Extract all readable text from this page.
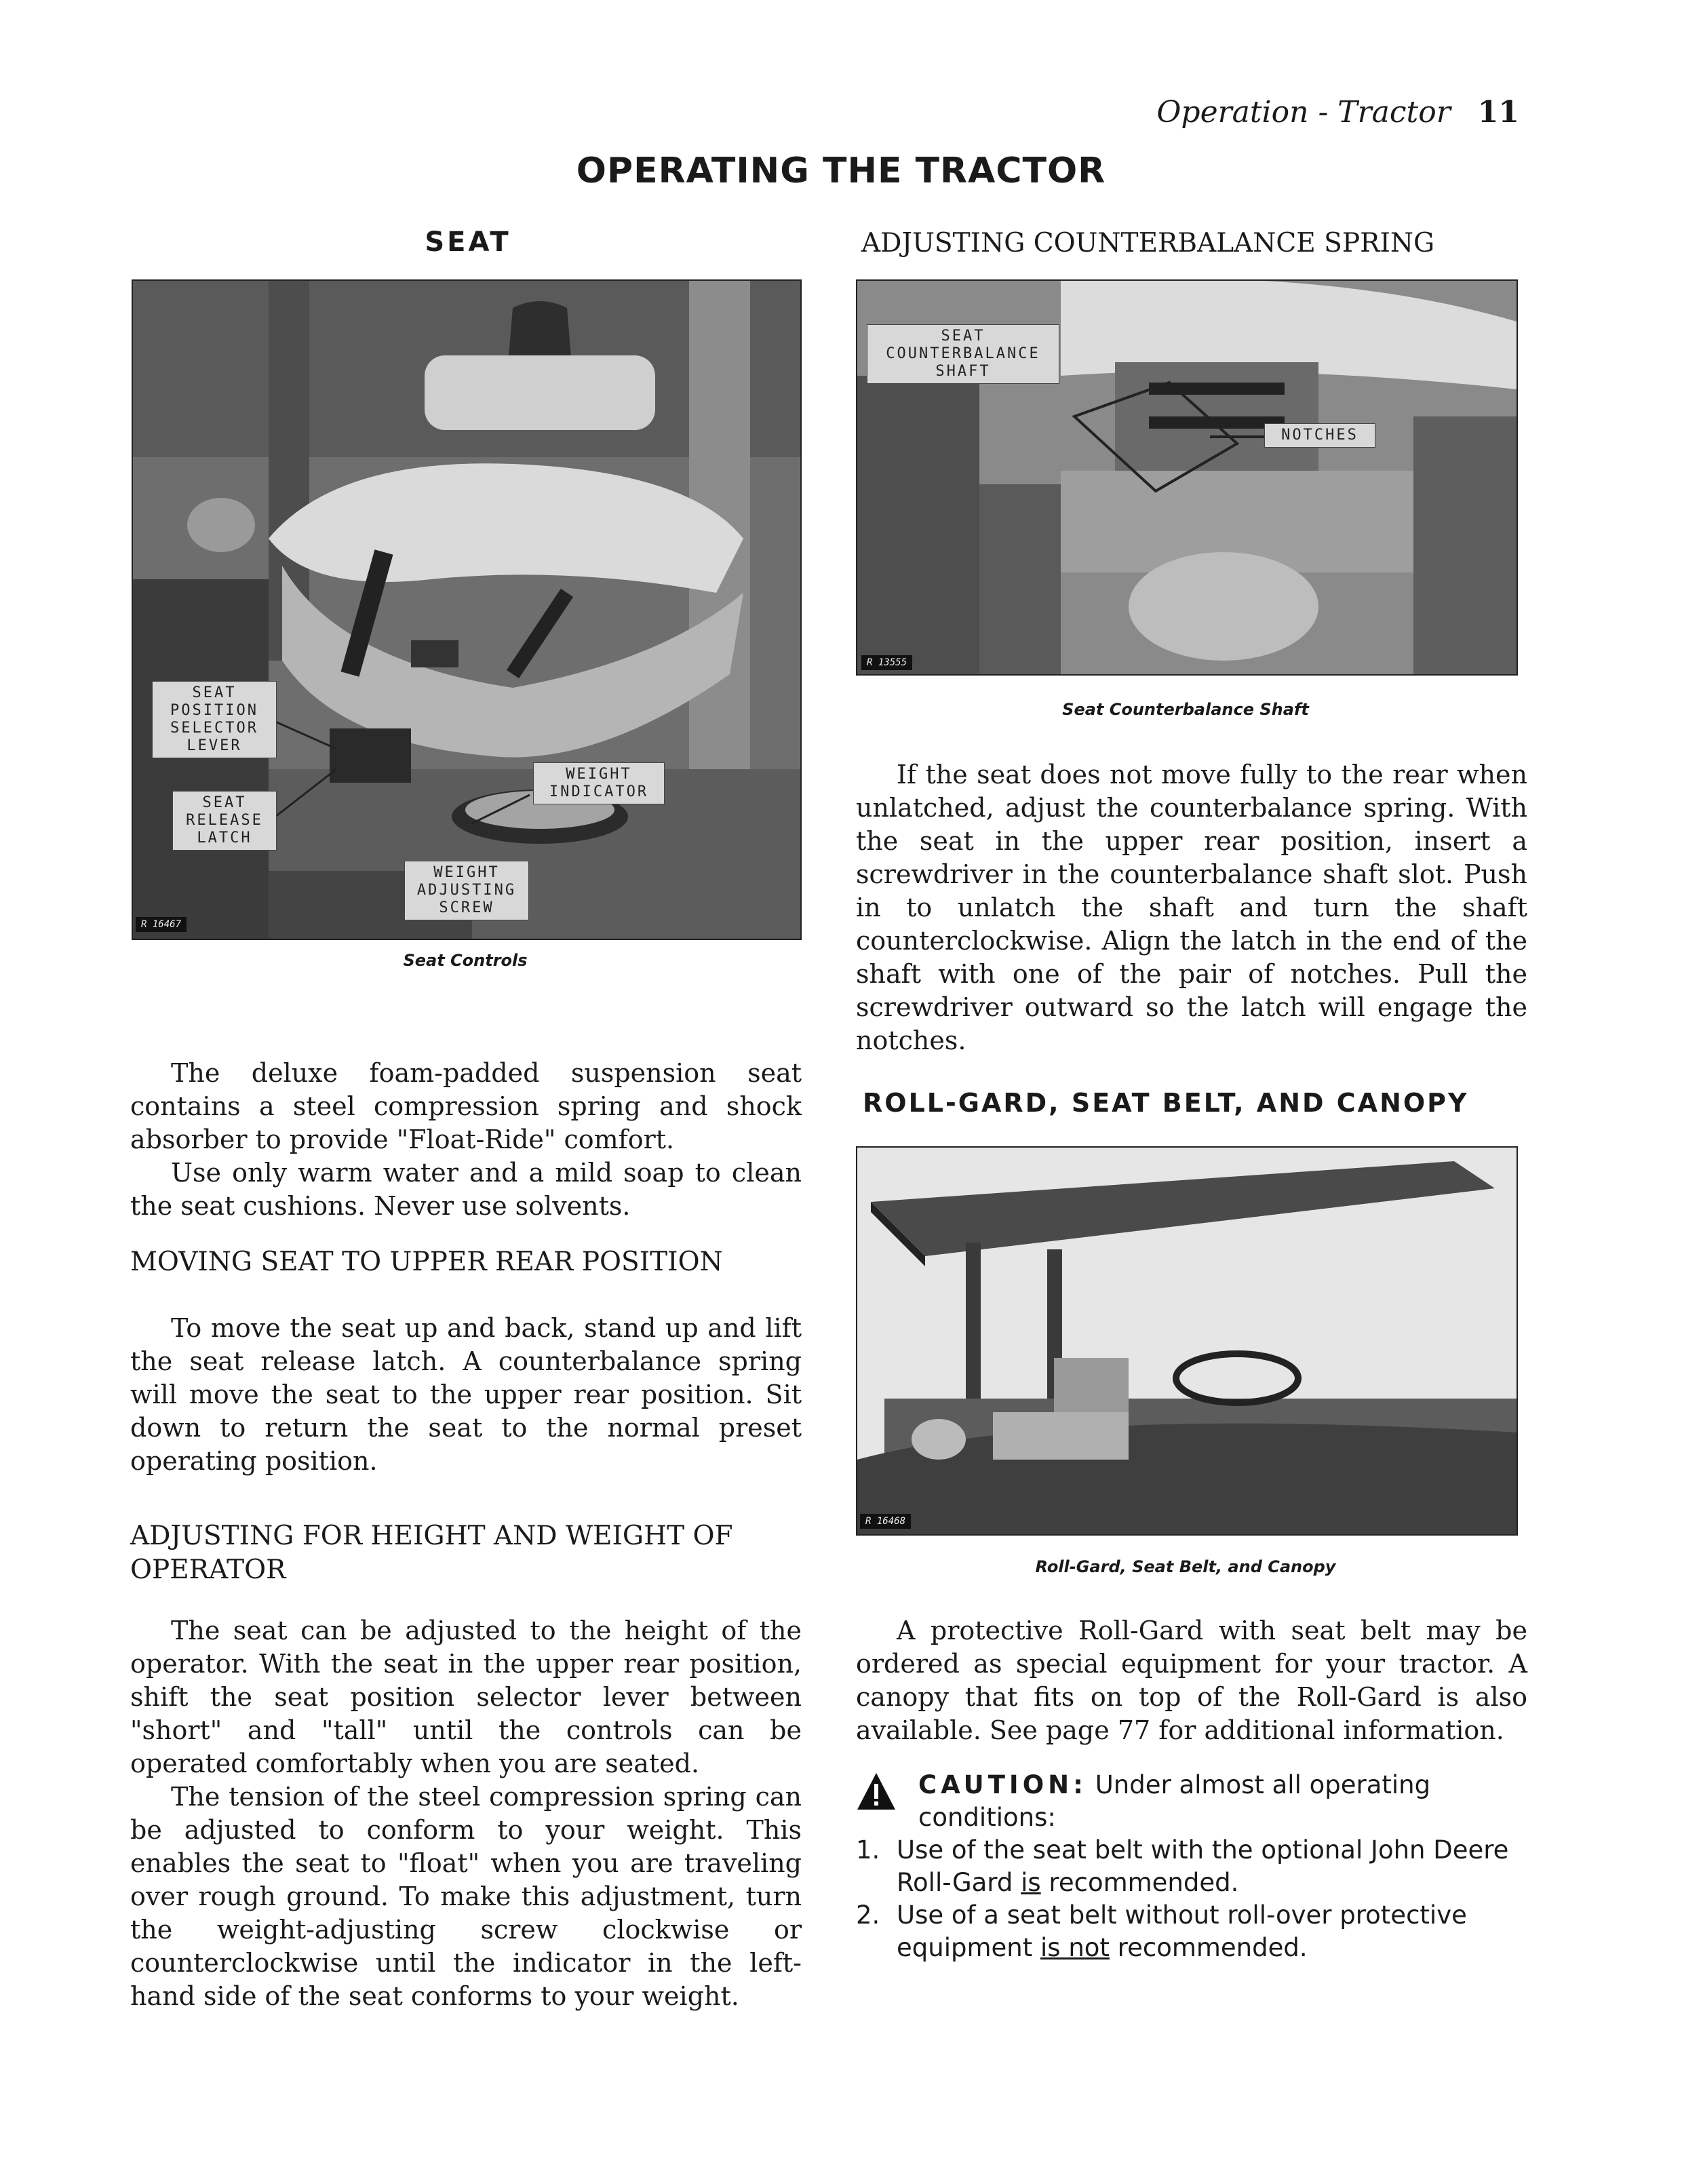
Operation - Tractor 11
OPERATING THE TRACTOR
SEAT
SEAT
POSITION
SELECTOR
LEVER
SEAT
RELEASE
LATCH
WEIGHT
INDICATOR
WEIGHT
ADJUSTING
SCREW
R 16467
Seat Controls

The deluxe foam-padded suspension seat contains a steel compression spring and shock absorber to provide "Float-Ride" comfort.

Use only warm water and a mild soap to clean the seat cushions. Never use solvents.

MOVING SEAT TO UPPER REAR POSITION

To move the seat up and back, stand up and lift the seat release latch. A counterbalance spring will move the seat to the upper rear position. Sit down to return the seat to the normal preset operating position.

ADJUSTING FOR HEIGHT AND WEIGHT OF OPERATOR

The seat can be adjusted to the height of the operator. With the seat in the upper rear position, shift the seat position selector lever between "short" and "tall" until the controls can be operated comfortably when you are seated.

The tension of the steel compression spring can be adjusted to conform to your weight. This enables the seat to "float" when you are traveling over rough ground. To make this adjustment, turn the weight-adjusting screw clockwise or counterclockwise until the indicator in the left-hand side of the seat conforms to your weight.

ADJUSTING COUNTERBALANCE SPRING
SEAT
COUNTERBALANCE
SHAFT
NOTCHES
R 13555
Seat Counterbalance Shaft

If the seat does not move fully to the rear when unlatched, adjust the counterbalance spring. With the seat in the upper rear position, insert a screwdriver in the counterbalance shaft slot. Push in to unlatch the shaft and turn the shaft counterclockwise. Align the latch in the end of the shaft with one of the pair of notches. Pull the screwdriver outward so the latch will engage the notches.

ROLL-GARD, SEAT BELT, AND CANOPY
R 16468
Roll-Gard, Seat Belt, and Canopy

A protective Roll-Gard with seat belt may be ordered as special equipment for your tractor. A canopy that fits on top of the Roll-Gard is also available. See page 77 for additional information.

CAUTION: Under almost all operating conditions:
1. Use of the seat belt with the optional John Deere Roll-Gard is recommended.
2. Use of a seat belt without roll-over protective equipment is not recommended.
